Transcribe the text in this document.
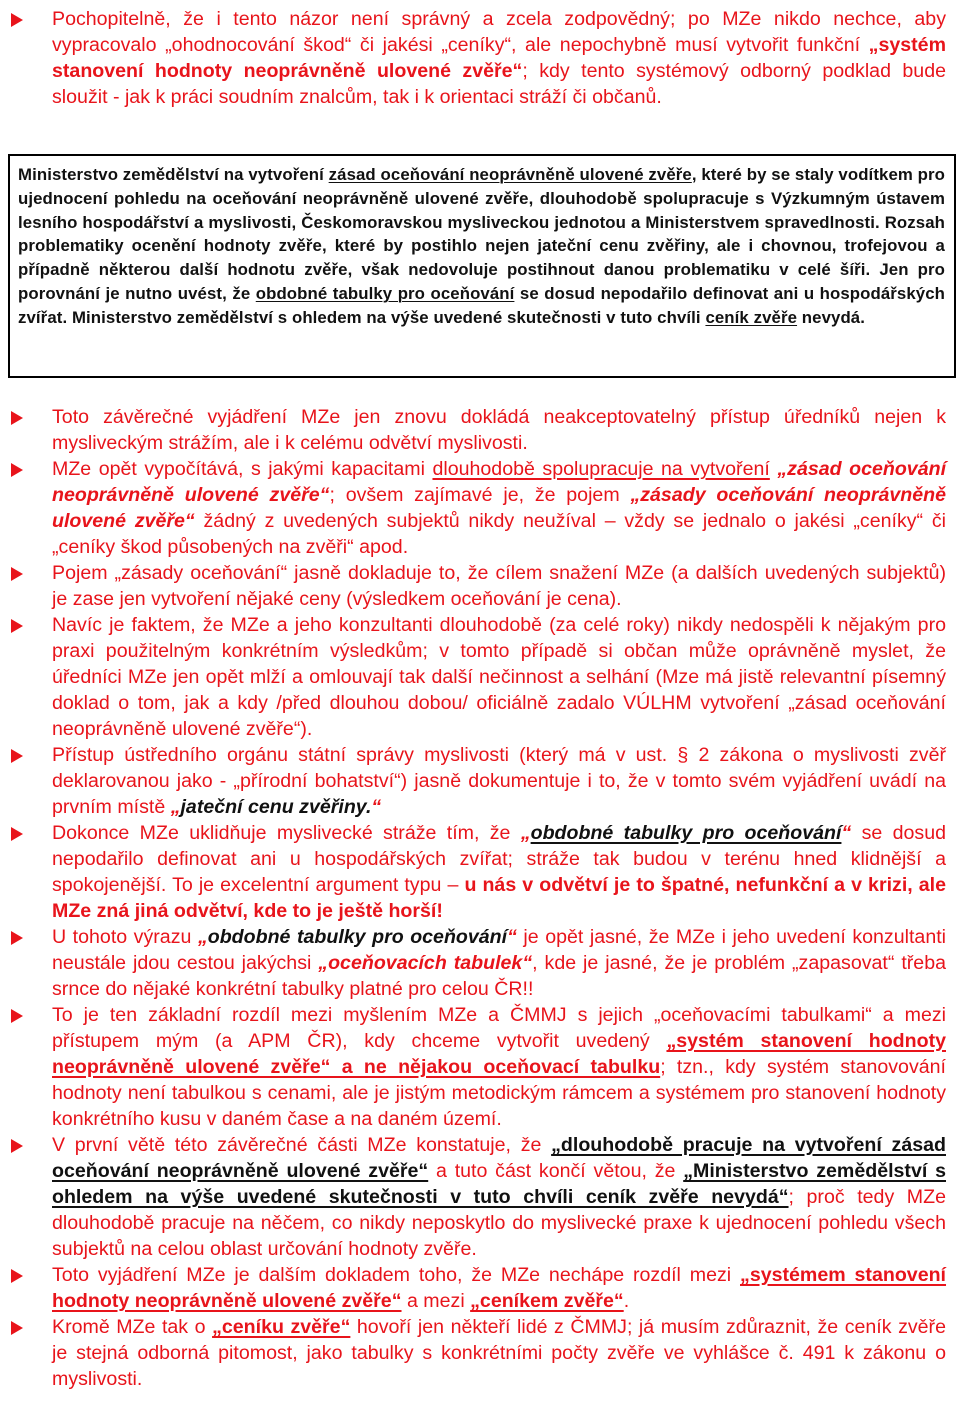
Pochopitelně, že i tento názor není správný a zcela zodpovědný; po MZe nikdo nechce, aby vypracovalo „ohodnocování škod“ či jakési „ceníky“, ale nepochybně musí vytvořit funkční „systém stanovení hodnoty neoprávněně ulovené zvěře“; kdy tento systémový odborný podklad bude sloužit - jak k práci soudním znalcům, tak i k orientaci stráží či občanů.
Ministerstvo zemědělství na vytvoření zásad oceňování neoprávněně ulovené zvěře, které by se staly vodítkem pro ujednocení pohledu na oceňování neoprávněně ulovené zvěře, dlouhodobě spolupracuje s Výzkumným ústavem lesního hospodářství a myslivosti, Českomoravskou mysliveckou jednotou a Ministerstvem spravedlnosti. Rozsah problematiky ocenění hodnoty zvěře, které by postihlo nejen jateční cenu zvěřiny, ale i chovnou, trofejovou a případně některou další hodnotu zvěře, však nedovoluje postihnout danou problematiku v celé šíři. Jen pro porovnání je nutno uvést, že obdobné tabulky pro oceňování se dosud nepodařilo definovat ani u hospodářských zvířat. Ministerstvo zemědělství s ohledem na výše uvedené skutečnosti v tuto chvíli ceník zvěře nevydá.
Toto závěrečné vyjádření MZe jen znovu dokládá neakceptovatelný přístup úředníků nejen k mysliveckým strážím, ale i k celému odvětví myslivosti.
MZe opět vypočítává, s jakými kapacitami dlouhodobě spolupracuje na vytvoření „zásad oceňování neoprávněně ulovené zvěře“; ovšem zajímavé je, že pojem „zásady oceňování neoprávněně ulovené zvěře“ žádný z uvedených subjektů nikdy neužíval – vždy se jednalo o jakési „ceníky“ či „ceníky škod působených na zvěři“ apod.
Pojem „zásady oceňování“ jasně dokladuje to, že cílem snažení MZe (a dalších uvedených subjektů) je zase jen vytvoření nějaké ceny (výsledkem oceňování je cena).
Navíc je faktem, že MZe a jeho konzultanti dlouhodobě (za celé roky) nikdy nedospěli k nějakým pro praxi použitelným konkrétním výsledkům; v tomto případě si občan může oprávněně myslet, že úředníci MZe jen opět mlží a omlouvají tak další nečinnost a selhání (Mze má jistě relevantní písemný doklad o tom, jak a kdy /před dlouhou dobou/ oficiálně zadalo VÚLHM vytvoření „zásad oceňování neoprávněně ulovené zvěře“).
Přístup ústředního orgánu státní správy myslivosti (který má v ust. § 2 zákona o myslivosti zvěř deklarovanou jako - „přírodní bohatství“) jasně dokumentuje i to, že v tomto svém vyjádření uvádí na prvním místě „jateční cenu zvěřiny.“
Dokonce MZe uklidňuje myslivecké stráže tím, že „obdobné tabulky pro oceňování“ se dosud nepodařilo definovat ani u hospodářských zvířat; stráže tak budou v terénu hned klidnější a spokojenější. To je excelentní argument typu – u nás v odvětví je to špatné, nefunkční a v krizi, ale MZe zná jiná odvětví, kde to je ještě horší!
U tohoto výrazu „obdobné tabulky pro oceňování“ je opět jasné, že MZe i jeho uvedení konzultanti neustále jdou cestou jakýchsi „oceňovacích tabulek“, kde je jasné, že je problém „zapasovat“ třeba srnce do nějaké konkrétní tabulky platné pro celou ČR!!
To je ten základní rozdíl mezi myšlením MZe a ČMMJ s jejich „oceňovacími tabulkami“ a mezi přístupem mým (a APM ČR), kdy chceme vytvořit uvedený „systém stanovení hodnoty neoprávněně ulovené zvěře“ a ne nějakou oceňovací tabulku; tzn., kdy systém stanovování hodnoty není tabulkou s cenami, ale je jistým metodickým rámcem a systémem pro stanovení hodnoty konkrétního kusu v daném čase a na daném území.
V první větě této závěrečné části MZe konstatuje, že „dlouhodobě pracuje na vytvoření zásad oceňování neoprávněně ulovené zvěře“ a tuto část končí větou, že „Ministerstvo zemědělství s ohledem na výše uvedené skutečnosti v tuto chvíli ceník zvěře nevydá“; proč tedy MZe dlouhodobě pracuje na něčem, co nikdy neposkytlo do myslivecké praxe k ujednocení pohledu všech subjektů na celou oblast určování hodnoty zvěře.
Toto vyjádření MZe je dalším dokladem toho, že MZe nechápe rozdíl mezi „systémem stanovení hodnoty neoprávněně ulovené zvěře“ a mezi „ceníkem zvěře“.
Kromě MZe tak o „ceníku zvěře“ hovoří jen někteří lidé z ČMMJ; já musím zdůraznit, že ceník zvěře je stejná odborná pitomost, jako tabulky s konkrétními počty zvěře ve vyhlášce č. 491 k zákonu o myslivosti.
